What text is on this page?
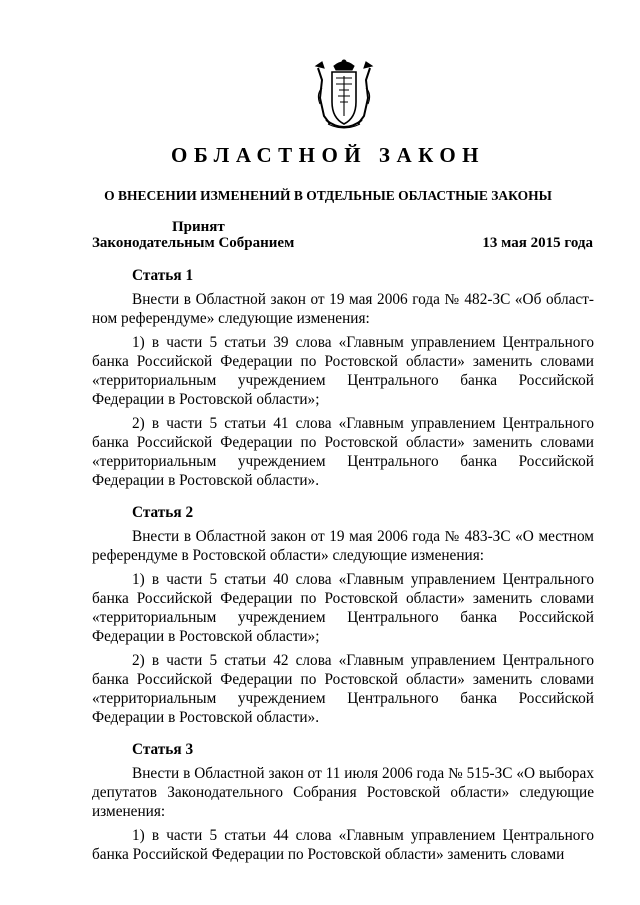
ОБЛАСТНОЙ ЗАКОН
О ВНЕСЕНИИ ИЗМЕНЕНИЙ В ОТДЕЛЬНЫЕ ОБЛАСТНЫЕ ЗАКОНЫ
Принят
Законодательным Собранием	13 мая 2015 года

Статья 1

Внести в Областной закон от 19 мая 2006 года № 482-ЗС «Об област-ном референдуме» следующие изменения:

1) в части 5 статьи 39 слова «Главным управлением Центрального банка Российской Федерации по Ростовской области» заменить словами «территориальным учреждением Центрального банка Российской Федерации в Ростовской области»;

2) в части 5 статьи 41 слова «Главным управлением Центрального банка Российской Федерации по Ростовской области» заменить словами «территориальным учреждением Центрального банка Российской Федерации в Ростовской области».

Статья 2

Внести в Областной закон от 19 мая 2006 года № 483-ЗС «О местном референдуме в Ростовской области» следующие изменения:

1) в части 5 статьи 40 слова «Главным управлением Центрального банка Российской Федерации по Ростовской области» заменить словами «территориальным учреждением Центрального банка Российской Федерации в Ростовской области»;

2) в части 5 статьи 42 слова «Главным управлением Центрального банка Российской Федерации по Ростовской области» заменить словами «территориальным учреждением Центрального банка Российской Федерации в Ростовской области».

Статья 3

Внести в Областной закон от 11 июля 2006 года № 515-ЗС «О выборах депутатов Законодательного Собрания Ростовской области» следующие изменения:

1) в части 5 статьи 44 слова «Главным управлением Центрального банка Российской Федерации по Ростовской области» заменить словами
